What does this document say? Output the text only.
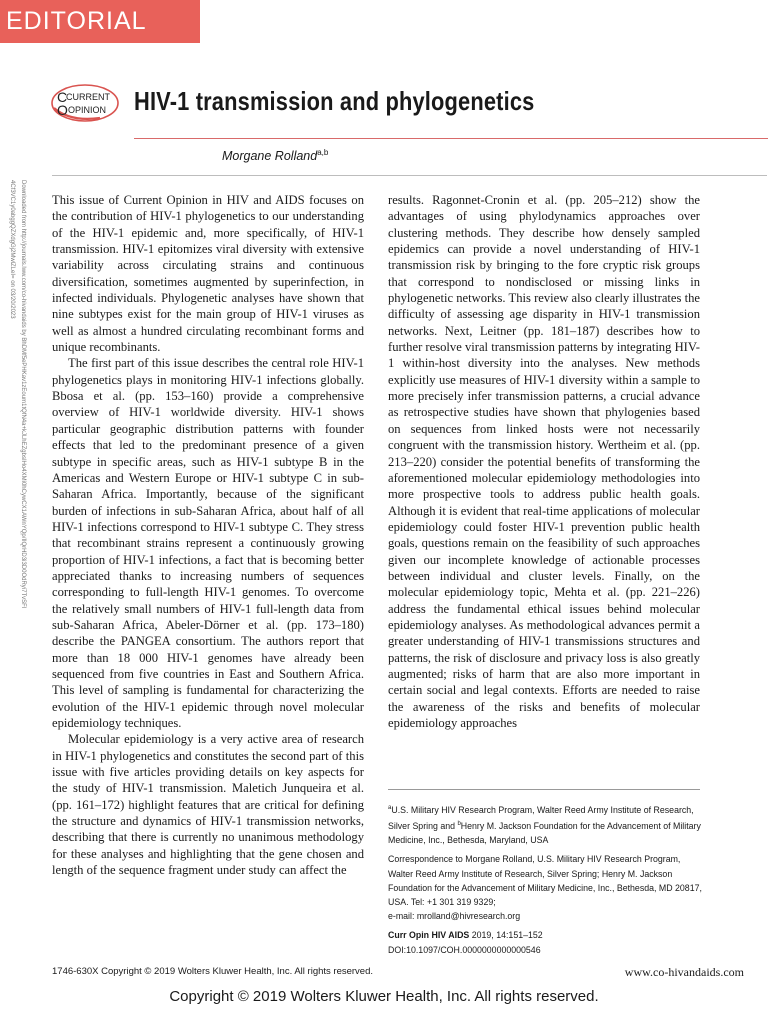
EDITORIAL
C
CURRENT
O OPINION HIV-1 transmission and phylogenetics
Morgane Rolland$^{a,b}$
Downloaded from http://journals.lww.com/co-hivandaids by BhDMf5ePHKav1zEoum1tQfN4a+kJLhEZgbsIHo4XMi0hCywCX1AWnYQp/IlQrHD3i3D0OdRyi7TvSFl4Cf3VC1y0abggQZXdgGj2MwlZLeI= on 03/20/2023	This issue of Current Opinion in HIV and AIDS focuses on the contribution of HIV-1 phylogenetics to our understanding of the HIV-1 epidemic and, more specifically, of HIV-1 transmission. HIV-1 epitomizes viral diversity with extensive variability across circulating strains and continuous diversification, sometimes augmented by superinfection, in infected individuals. Phylogenetic analyses have shown that nine subtypes exist for the main group of HIV-1 viruses as well as almost a hundred circulating recombinant forms and unique recombinants.

The first part of this issue describes the central role HIV-1 phylogenetics plays in monitoring HIV-1 infections globally. Bbosa et al. (pp. 153–160) provide a comprehensive overview of HIV-1 worldwide diversity. HIV-1 shows particular geographic distribution patterns with founder effects that led to the predominant presence of a given subtype in specific areas, such as HIV-1 subtype B in the Americas and Western Europe or HIV-1 subtype C in sub-Saharan Africa. Importantly, because of the significant burden of infections in sub-Saharan Africa, about half of all HIV-1 infections correspond to HIV-1 subtype C. They stress that recombinant strains represent a continuously growing proportion of HIV-1 infections, a fact that is becoming better appreciated thanks to increasing numbers of sequences corresponding to full-length HIV-1 genomes. To overcome the relatively small numbers of HIV-1 full-length data from sub-Saharan Africa, Abeler-Dörner et al. (pp. 173–180) describe the PANGEA consortium. The authors report that more than 18 000 HIV-1 genomes have already been sequenced from five countries in East and Southern Africa. This level of sampling is fundamental for characterizing the evolution of the HIV-1 epidemic through novel molecular epidemiology techniques.

Molecular epidemiology is a very active area of research in HIV-1 phylogenetics and constitutes the second part of this issue with five articles providing details on key aspects for the study of HIV-1 transmission. Maletich Junqueira et al. (pp. 161–172) highlight features that are critical for defining the structure and dynamics of HIV-1 transmission networks, describing that there is currently no unanimous methodology for these analyses and highlighting that the gene chosen and length of the sequence fragment under study can affect the

results. Ragonnet-Cronin et al. (pp. 205–212) show the advantages of using phylodynamics approaches over clustering methods. They describe how densely sampled epidemics can provide a novel understanding of HIV-1 transmission risk by bringing to the fore cryptic risk groups that correspond to nondisclosed or missing links in phylogenetic networks. This review also clearly illustrates the difficulty of assessing age disparity in HIV-1 transmission networks. Next, Leitner (pp. 181–187) describes how to further resolve viral transmission patterns by integrating HIV-1 within-host diversity into the analyses. New methods explicitly use measures of HIV-1 diversity within a sample to more precisely infer transmission patterns, a crucial advance as retrospective studies have shown that phylogenies based on sequences from linked hosts were not necessarily congruent with the transmission history. Wertheim et al. (pp. 213–220) consider the potential benefits of transforming the aforementioned molecular epidemiology methodologies into more prospective tools to address public health goals. Although it is evident that real-time applications of molecular epidemiology could foster HIV-1 prevention public health goals, questions remain on the feasibility of such approaches given our incomplete knowledge of actionable processes between individual and cluster levels. Finally, on the molecular epidemiology topic, Mehta et al. (pp. 221–226) address the fundamental ethical issues behind molecular epidemiology analyses. As methodological advances permit a greater understanding of HIV-1 transmissions structures and patterns, the risk of disclosure and privacy loss is also greatly augmented; risks of harm that are also more important in certain social and legal contexts. Efforts are needed to raise the awareness of the risks and benefits of molecular epidemiology approaches

$^a$U.S. Military HIV Research Program, Walter Reed Army Institute of Research, Silver Spring and $^b$Henry M. Jackson Foundation for the Advancement of Military Medicine, Inc., Bethesda, Maryland, USA

Correspondence to Morgane Rolland, U.S. Military HIV Research Program, Walter Reed Army Institute of Research, Silver Spring; Henry M. Jackson Foundation for the Advancement of Military Medicine, Inc., Bethesda, MD 20817, USA. Tel: +1 301 319 9329;
e-mail: mrolland@hivresearch.org

Curr Opin HIV AIDS 2019, 14:151–152
DOI:10.1097/COH.0000000000000546

1746-630X Copyright © 2019 Wolters Kluwer Health, Inc. All rights reserved.	www.co-hivandaids.com
Copyright © 2019 Wolters Kluwer Health, Inc. All rights reserved.
